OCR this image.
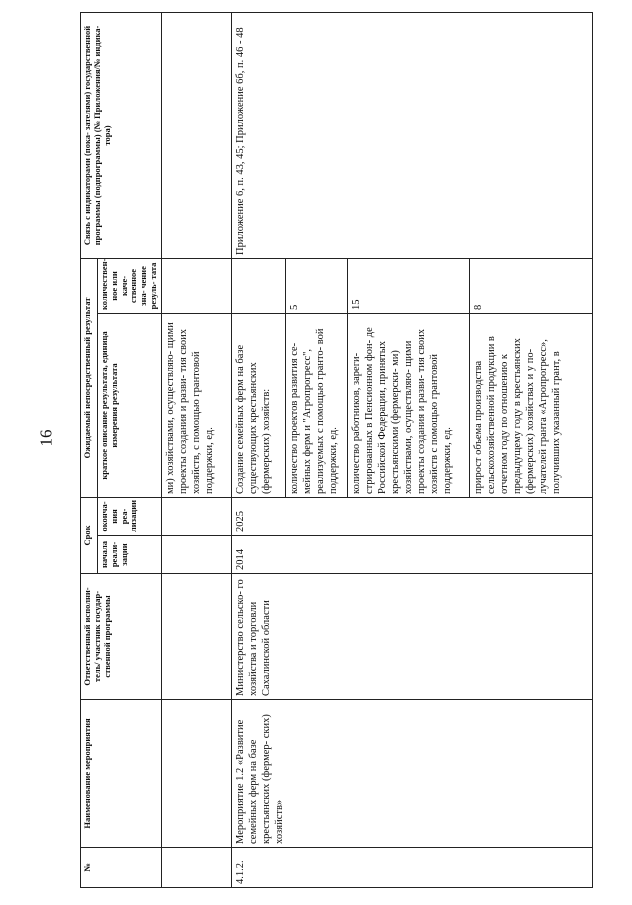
16
№	Наименование мероприятия	Ответственный исполни- тель/ участник государ- ственной программы	Срок		Ожидаемый непосредственный результат		Связь с индикаторами (пока- зателями) государственной программы (подпрограммы) (№ Приложения/№ индика- тора)
			начала реали- зации	оконча- ния реа- лизации	краткое описание результата, единица измерения результата	количествен- ное или каче- ственное зна- чение резуль- тата	
					ми) хозяйствами, осуществляю- щими проекты создания и разви- тия своих хозяйств, с помощью грантовой поддержки, ед.		
4.1.2.	Мероприятие 1.2 «Развитие семейных ферм на базе крестьянских (фермер- ских) хозяйств»	Министерство сельско- го хозяйства и торговли Сахалинской области	2014	2025	Создание семейных ферм на базе существующих крестьянских (фермерских) хозяйств:		Приложение 6, п. 43, 45; Приложение 6б, п. 46 - 48
					количество проектов развития се- мейных ферм и "Агропрогресс", реализуемых с помощью гранто- вой поддержки, ед.	5	
					количество работников, зареги- стрированных в Пенсионном фон- де Российской Федерации, принятых крестьянскими (фермерски- ми) хозяйствами, осуществляю- щими проекты создания и разви- тия своих хозяйств с помощью грантовой поддержки, ед.	15	
					прирост объема производства сельскохозяйственной продукции в отчетном году по отношению к предыдущему году в крестьянских (фермерских) хозяйствах и у по- лучателей гранта «Агропрогресс», получивших указанный грант, в	8	
